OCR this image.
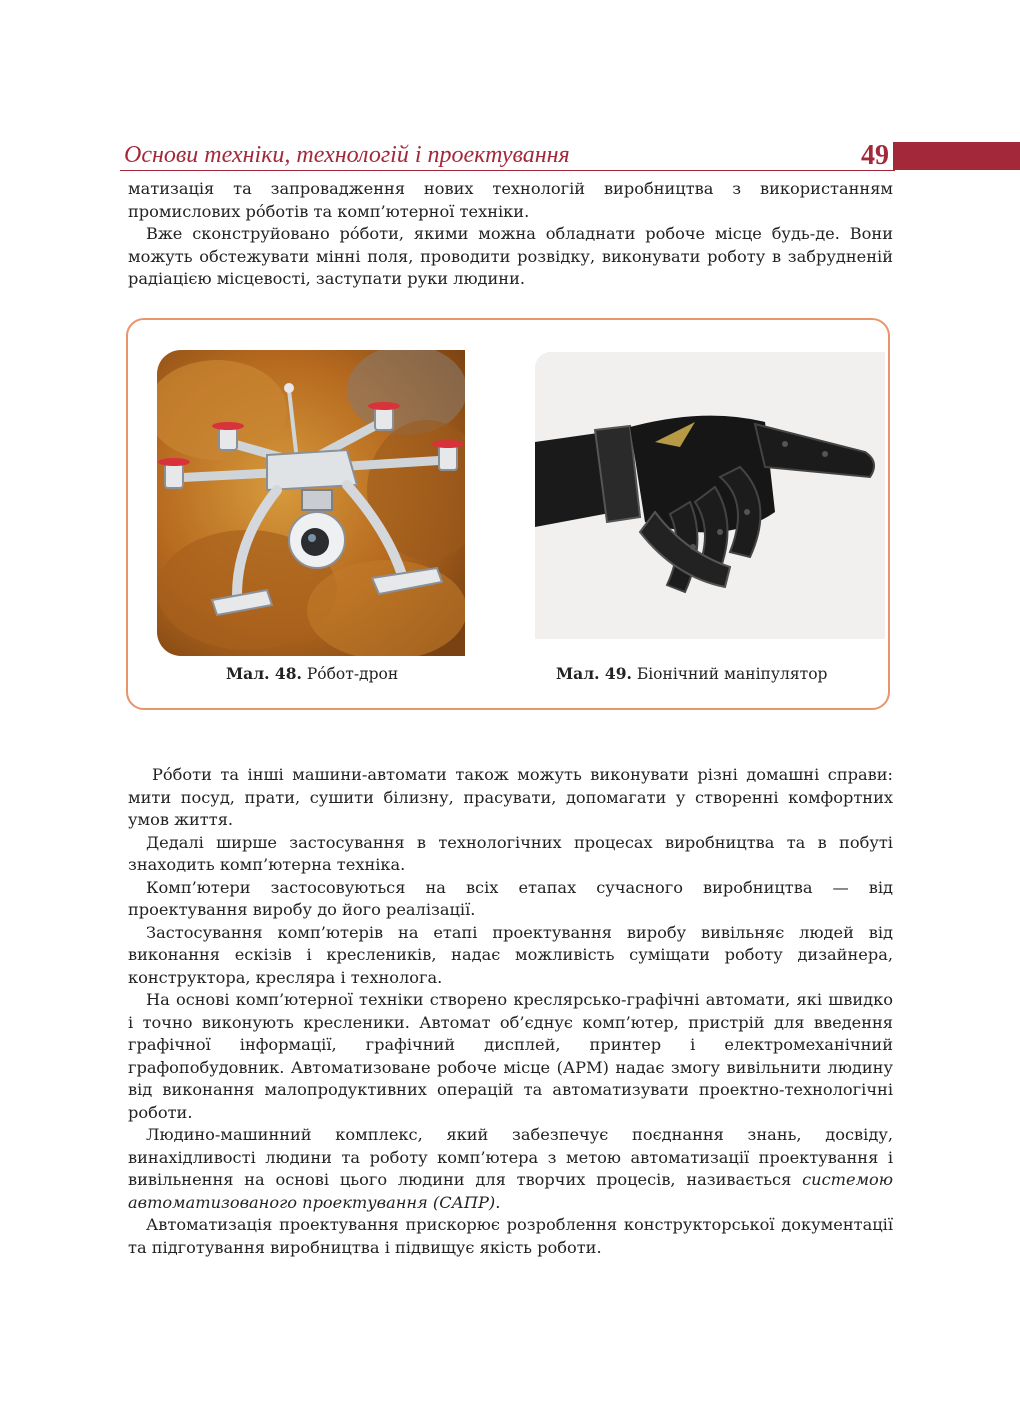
Основи техніки, технологій і проектування	49

матизація та запровадження нових технологій виробництва з використанням промислових рóботів та комп’ютерної техніки.

Вже сконструйовано рóботи, якими можна обладнати робоче місце будь-де. Вони можуть обстежувати мінні поля, проводити розвідку, виконувати роботу в забрудненій радіацією місцевості, заступати руки людини.

Мал. 48. Рóбот-дрон	Мал. 49. Біонічний маніпулятор

Рóботи та інші машини-автомати також можуть виконувати різні домашні справи: мити посуд, прати, сушити білизну, прасувати, допомагати у створенні комфортних умов життя.

Дедалі ширше застосування в технологічних процесах виробництва та в побуті знаходить комп’ютерна техніка.

Комп’ютери застосовуються на всіх етапах сучасного виробництва — від проектування виробу до його реалізації.

Застосування комп’ютерів на етапі проектування виробу вивільняє людей від виконання ескізів і креслеників, надає можливість суміщати роботу дизайнера, конструктора, кресляра і технолога.

На основі комп’ютерної техніки створено креслярсько-графічні автомати, які швидко і точно виконують кресленики. Автомат об’єднує комп’ютер, пристрій для введення графічної інформації, графічний дисплей, принтер і електромеханічний графопобудовник. Автоматизоване робоче місце (АРМ) надає змогу вивільнити людину від виконання малопродуктивних операцій та автоматизувати проектно-технологічні роботи.

Людино-машинний комплекс, який забезпечує поєднання знань, досвіду, винахідливості людини та роботу комп’ютера з метою автоматизації проектування і вивільнення на основі цього людини для творчих процесів, називається системою автоматизованого проектування (САПР).

Автоматизація проектування прискорює розроблення конструкторської документації та підготування виробництва і підвищує якість роботи.
